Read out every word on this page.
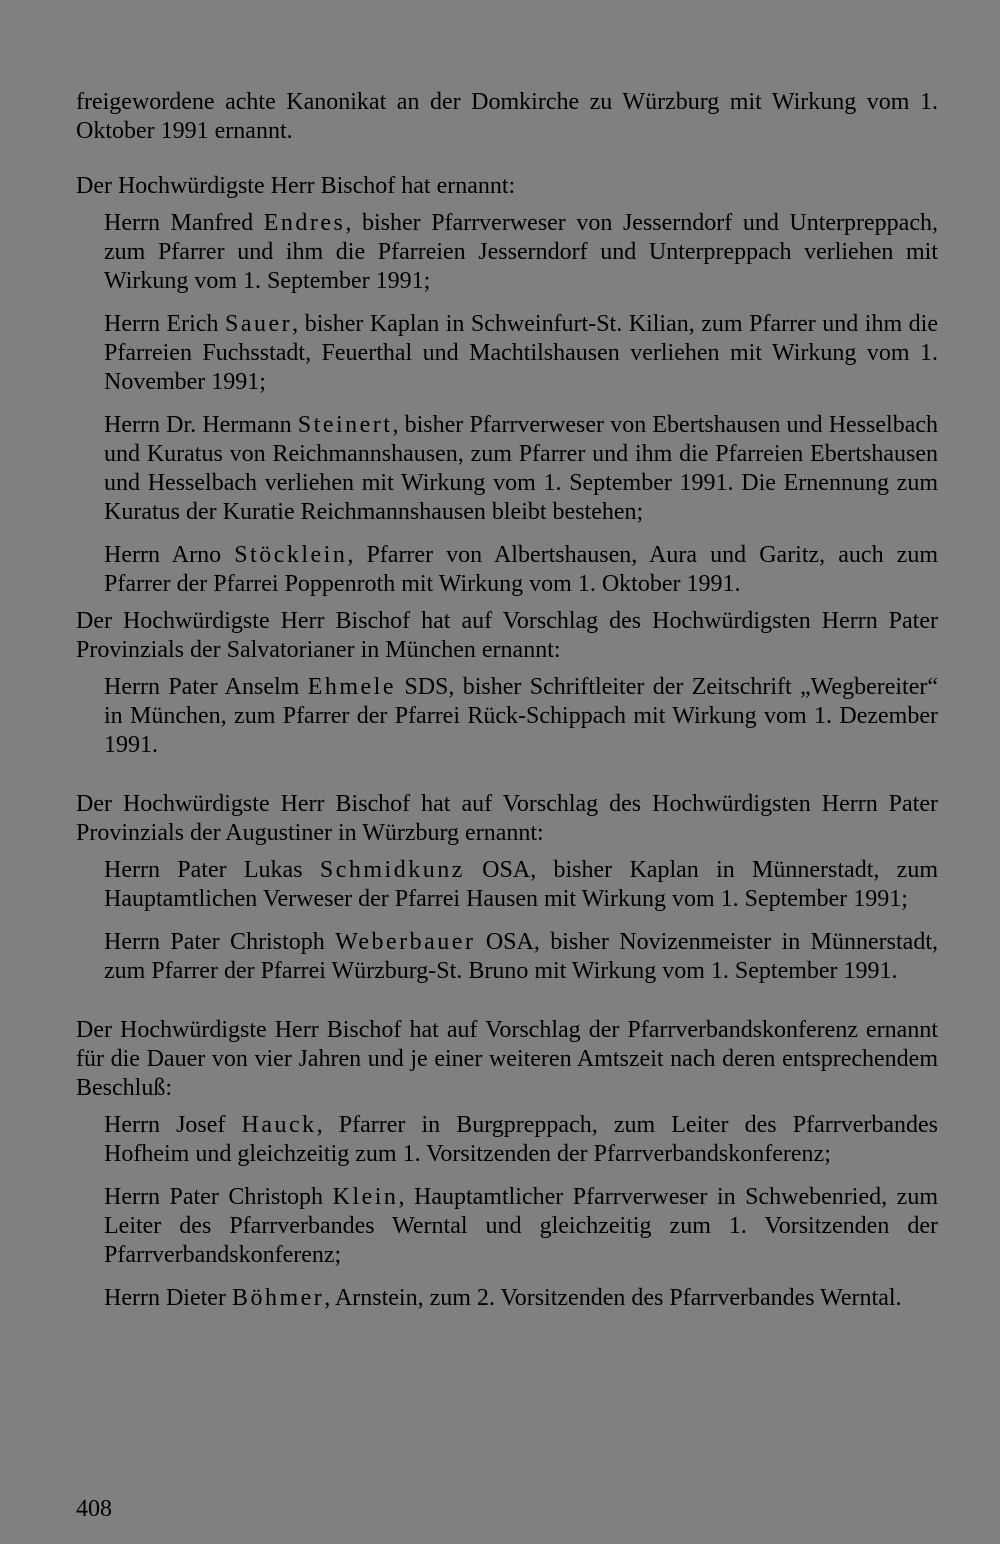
freigewordene achte Kanonikat an der Domkirche zu Würzburg mit Wirkung vom 1. Oktober 1991 ernannt.

Der Hochwürdigste Herr Bischof hat ernannt:

Herrn Manfred Endres, bisher Pfarrverweser von Jesserndorf und Unterpreppach, zum Pfarrer und ihm die Pfarreien Jesserndorf und Unterpreppach verliehen mit Wirkung vom 1. September 1991;

Herrn Erich Sauer, bisher Kaplan in Schweinfurt-St. Kilian, zum Pfarrer und ihm die Pfarreien Fuchsstadt, Feuerthal und Machtilshausen verliehen mit Wirkung vom 1. November 1991;

Herrn Dr. Hermann Steinert, bisher Pfarrverweser von Ebertshausen und Hesselbach und Kuratus von Reichmannshausen, zum Pfarrer und ihm die Pfarreien Ebertshausen und Hesselbach verliehen mit Wirkung vom 1. September 1991. Die Ernennung zum Kuratus der Kuratie Reichmannshausen bleibt bestehen;

Herrn Arno Stöcklein, Pfarrer von Albertshausen, Aura und Garitz, auch zum Pfarrer der Pfarrei Poppenroth mit Wirkung vom 1. Oktober 1991.

Der Hochwürdigste Herr Bischof hat auf Vorschlag des Hochwürdigsten Herrn Pater Provinzials der Salvatorianer in München ernannt:

Herrn Pater Anselm Ehmele SDS, bisher Schriftleiter der Zeitschrift „Wegbereiter“ in München, zum Pfarrer der Pfarrei Rück-Schippach mit Wirkung vom 1. Dezember 1991.

Der Hochwürdigste Herr Bischof hat auf Vorschlag des Hochwürdigsten Herrn Pater Provinzials der Augustiner in Würzburg ernannt:

Herrn Pater Lukas Schmidkunz OSA, bisher Kaplan in Münnerstadt, zum Hauptamtlichen Verweser der Pfarrei Hausen mit Wirkung vom 1. September 1991;

Herrn Pater Christoph Weberbauer OSA, bisher Novizenmeister in Münnerstadt, zum Pfarrer der Pfarrei Würzburg-St. Bruno mit Wirkung vom 1. September 1991.

Der Hochwürdigste Herr Bischof hat auf Vorschlag der Pfarrverbandskonferenz ernannt für die Dauer von vier Jahren und je einer weiteren Amtszeit nach deren entsprechendem Beschluß:

Herrn Josef Hauck, Pfarrer in Burgpreppach, zum Leiter des Pfarrverbandes Hofheim und gleichzeitig zum 1. Vorsitzenden der Pfarrverbandskonferenz;

Herrn Pater Christoph Klein, Hauptamtlicher Pfarrverweser in Schwebenried, zum Leiter des Pfarrverbandes Werntal und gleichzeitig zum 1. Vorsitzenden der Pfarrverbandskonferenz;

Herrn Dieter Böhmer, Arnstein, zum 2. Vorsitzenden des Pfarrverbandes Werntal.

408
